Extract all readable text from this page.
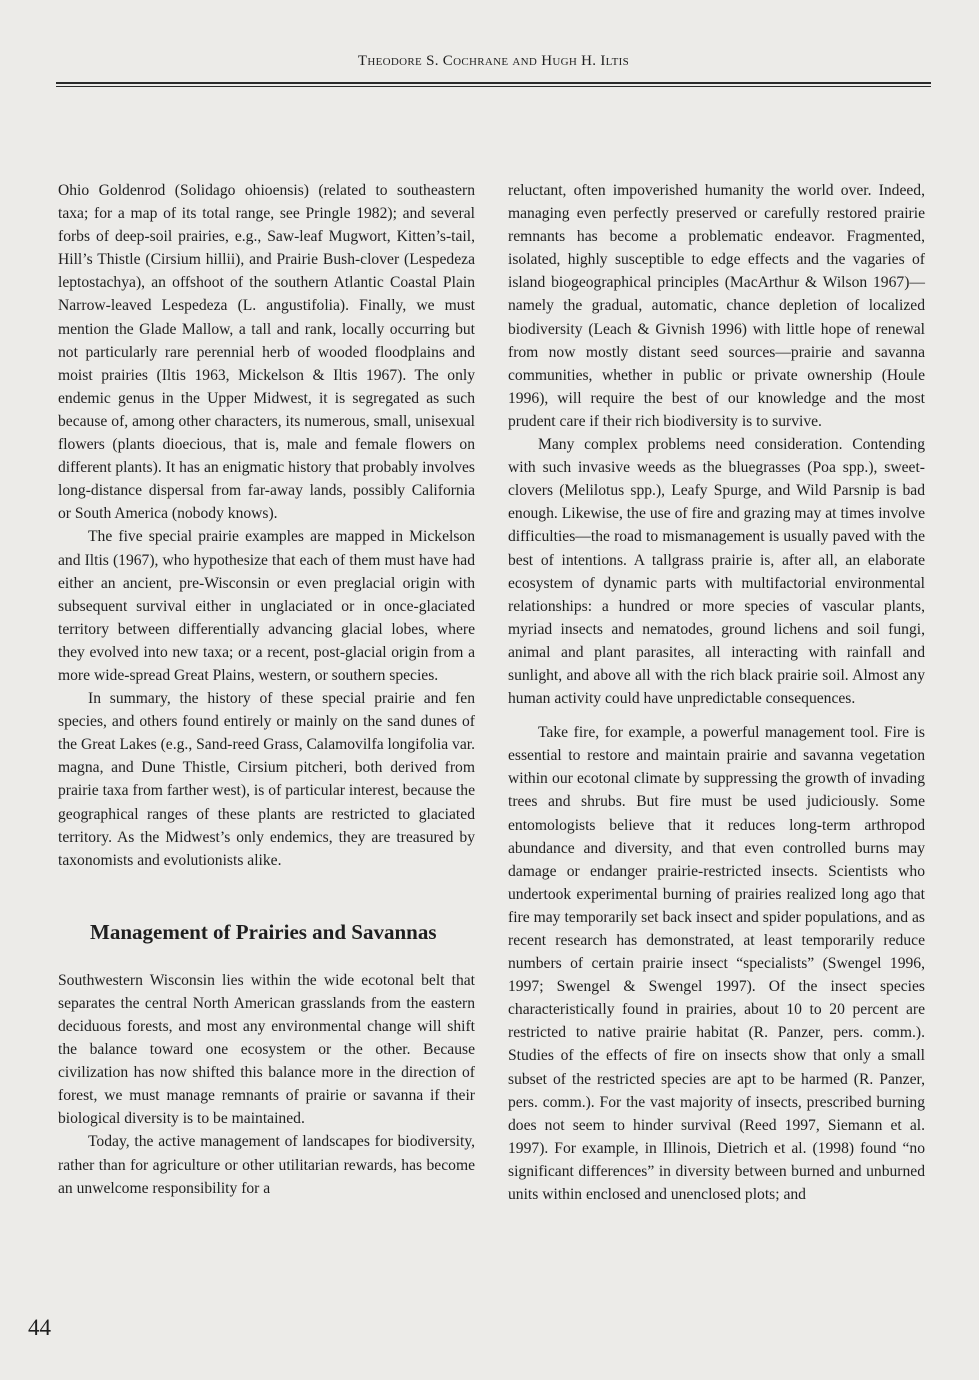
Theodore S. Cochrane and Hugh H. Iltis

Ohio Goldenrod (Solidago ohioensis) (related to southeastern taxa; for a map of its total range, see Pringle 1982); and several forbs of deep-soil prairies, e.g., Saw-leaf Mugwort, Kitten’s-tail, Hill’s Thistle (Cirsium hillii), and Prairie Bush-clover (Lespedeza leptostachya), an offshoot of the southern Atlantic Coastal Plain Narrow-leaved Lespedeza (L. angustifolia). Finally, we must mention the Glade Mallow, a tall and rank, locally occurring but not particularly rare perennial herb of wooded floodplains and moist prairies (Iltis 1963, Mickelson & Iltis 1967). The only endemic genus in the Upper Midwest, it is segregated as such because of, among other characters, its numerous, small, unisexual flowers (plants dioecious, that is, male and female flowers on different plants). It has an enigmatic history that probably involves long-distance dispersal from far-away lands, possibly California or South America (nobody knows).

The five special prairie examples are mapped in Mickelson and Iltis (1967), who hypothesize that each of them must have had either an ancient, pre-Wisconsin or even preglacial origin with subsequent survival either in unglaciated or in once-glaciated territory between differentially advancing glacial lobes, where they evolved into new taxa; or a recent, post-glacial origin from a more wide-spread Great Plains, western, or southern species.

In summary, the history of these special prairie and fen species, and others found entirely or mainly on the sand dunes of the Great Lakes (e.g., Sand-reed Grass, Calamovilfa longifolia var. magna, and Dune Thistle, Cirsium pitcheri, both derived from prairie taxa from farther west), is of particular interest, because the geographical ranges of these plants are restricted to glaciated territory. As the Midwest’s only endemics, they are treasured by taxonomists and evolutionists alike.

Management of Prairies and Savannas

Southwestern Wisconsin lies within the wide ecotonal belt that separates the central North American grasslands from the eastern deciduous forests, and most any environmental change will shift the balance toward one ecosystem or the other. Because civilization has now shifted this balance more in the direction of forest, we must manage remnants of prairie or savanna if their biological diversity is to be maintained.

Today, the active management of landscapes for biodiversity, rather than for agriculture or other utilitarian rewards, has become an unwelcome responsibility for a

reluctant, often impoverished humanity the world over. Indeed, managing even perfectly preserved or carefully restored prairie remnants has become a problematic endeavor. Fragmented, isolated, highly susceptible to edge effects and the vagaries of island biogeographical principles (MacArthur & Wilson 1967)—namely the gradual, automatic, chance depletion of localized biodiversity (Leach & Givnish 1996) with little hope of renewal from now mostly distant seed sources—prairie and savanna communities, whether in public or private ownership (Houle 1996), will require the best of our knowledge and the most prudent care if their rich biodiversity is to survive.

Many complex problems need consideration. Contending with such invasive weeds as the bluegrasses (Poa spp.), sweet-clovers (Melilotus spp.), Leafy Spurge, and Wild Parsnip is bad enough. Likewise, the use of fire and grazing may at times involve difficulties—the road to mismanagement is usually paved with the best of intentions. A tallgrass prairie is, after all, an elaborate ecosystem of dynamic parts with multifactorial environmental relationships: a hundred or more species of vascular plants, myriad insects and nematodes, ground lichens and soil fungi, animal and plant parasites, all interacting with rainfall and sunlight, and above all with the rich black prairie soil. Almost any human activity could have unpredictable consequences.

Take fire, for example, a powerful management tool. Fire is essential to restore and maintain prairie and savanna vegetation within our ecotonal climate by suppressing the growth of invading trees and shrubs. But fire must be used judiciously. Some entomologists believe that it reduces long-term arthropod abundance and diversity, and that even controlled burns may damage or endanger prairie-restricted insects. Scientists who undertook experimental burning of prairies realized long ago that fire may temporarily set back insect and spider populations, and as recent research has demonstrated, at least temporarily reduce numbers of certain prairie insect “specialists” (Swengel 1996, 1997; Swengel & Swengel 1997). Of the insect species characteristically found in prairies, about 10 to 20 percent are restricted to native prairie habitat (R. Panzer, pers. comm.). Studies of the effects of fire on insects show that only a small subset of the restricted species are apt to be harmed (R. Panzer, pers. comm.). For the vast majority of insects, prescribed burning does not seem to hinder survival (Reed 1997, Siemann et al. 1997). For example, in Illinois, Dietrich et al. (1998) found “no significant differences” in diversity between burned and unburned units within enclosed and unenclosed plots; and

44
